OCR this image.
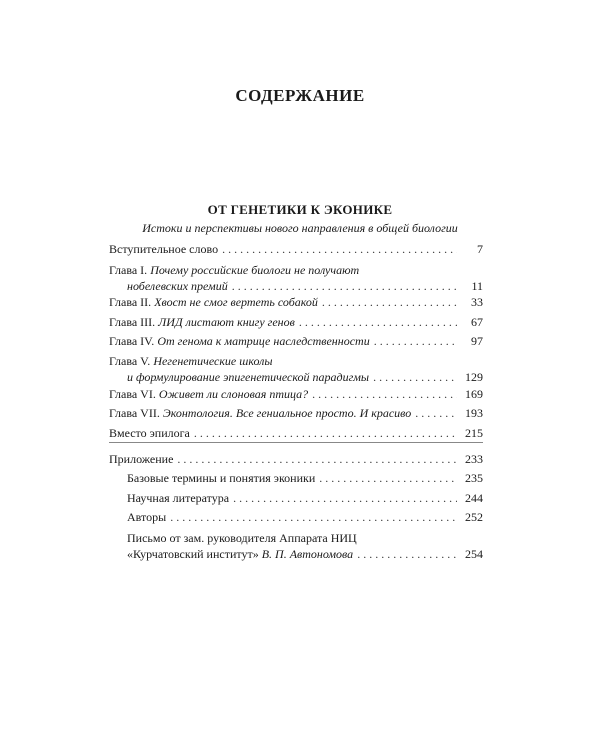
СОДЕРЖАНИЕ
ОТ ГЕНЕТИКИ К ЭКОНИКЕ
Истоки и перспективы нового направления в общей биологии
Вступительное слово . . .	7
Глава I. Почему российские биологи не получают
нобелевских премий . . .	11
Глава II. Хвост не смог вертеть собакой . . .	33
Глава III. ЛИД листают книгу генов . . .	67
Глава IV. От генома к матрице наследственности . . .	97
Глава V. Негенетические школы
и формулирование эпигенетической парадигмы . . .	129
Глава VI. Оживет ли слоновая птица? . . .	169
Глава VII. Эконтология. Все гениальное просто. И красиво . . .	193
Вместо эпилога . . .	215
Приложение . . .	233
Базовые термины и понятия эконики . . .	235
Научная литература . . .	244
Авторы . . .	252
Письмо от зам. руководителя Аппарата НИЦ
«Курчатовский институт» В. П. Автономова . . .	254
